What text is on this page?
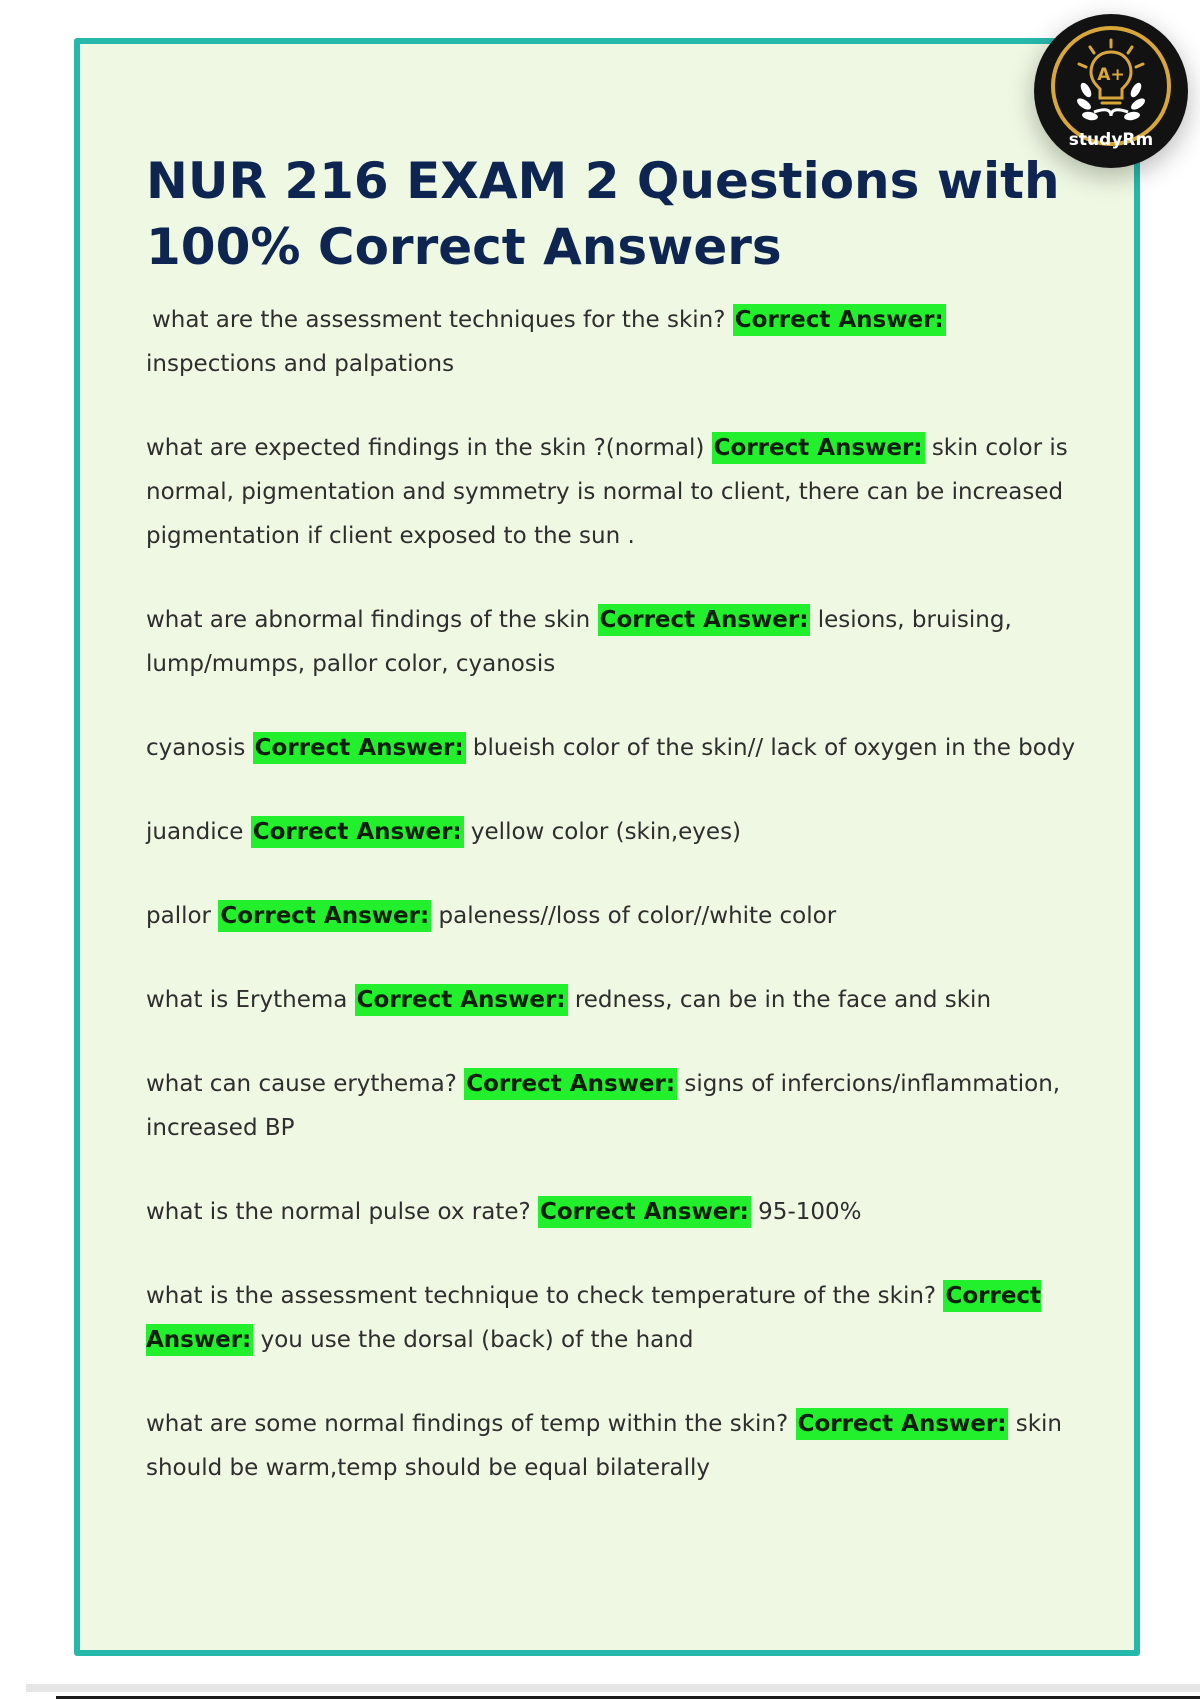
A+
studyRm
NUR 216 EXAM 2 Questions with 100% Correct Answers

what are the assessment techniques for the skin? Correct Answer: inspections and palpations

what are expected findings in the skin ?(normal) Correct Answer: skin color is normal, pigmentation and symmetry is normal to client, there can be increased pigmentation if client exposed to the sun .

what are abnormal findings of the skin Correct Answer: lesions, bruising, lump/mumps, pallor color, cyanosis

cyanosis Correct Answer: blueish color of the skin// lack of oxygen in the body

juandice Correct Answer: yellow color (skin,eyes)

pallor Correct Answer: paleness//loss of color//white color

what is Erythema Correct Answer: redness, can be in the face and skin

what can cause erythema? Correct Answer: signs of infercions/inflammation, increased BP

what is the normal pulse ox rate? Correct Answer: 95-100%

what is the assessment technique to check temperature of the skin? Correct Answer: you use the dorsal (back) of the hand

what are some normal findings of temp within the skin? Correct Answer: skin should be warm,temp should be equal bilaterally
